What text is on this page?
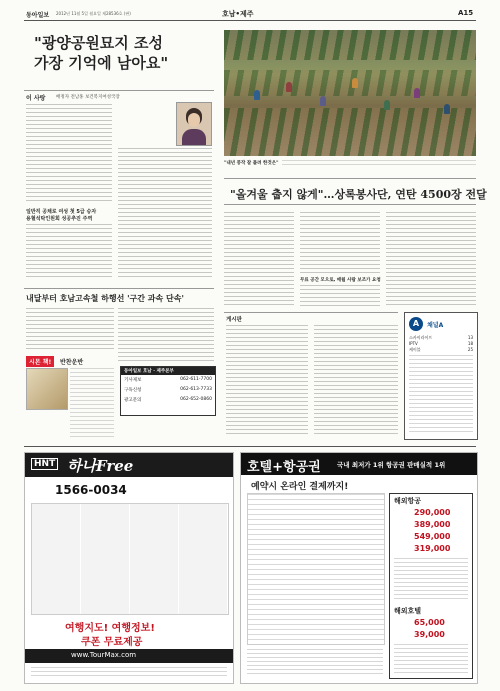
동아일보 2012년 11월 5일 월요일 제28536호 (판)	호남•제주	A15
"광양공원묘지 조성
가장 기억에 남아요"
이 사랑 배정자 전남홍 보건복지여성국장
일반직 공채로 여성 첫 5급 승자
용혈석탁인원회 성공추진 주역
"내년 풍작 잘 틀려 한것은"
"올겨울 춥지 않게"…상록봉사단, 연탄 4500장 전달
무료 공간 모으로, 매월 사람 보조가 요청
내달부터 호남고속철 하행선 '구간 과속 단속'
시몬 책!	반찬운반
동아일보 호남 · 제주본부
기사제보	062-611-7700
구독신청	062-613-7733
광고문의	062-652-0860
게시판	A	채널A
스카이라이프	13
IPTV	18
케이블	25
HNT 하나Free
1566-0034
여행지도! 여행정보!
쿠폰 무료제공
www.TourMax.com
호텔+항공권	국내 최저가 1위 항공권 판매실적 1위
예약시 온라인 결제까지!
해외항공
290,000
389,000
549,000
319,000
해외호텔
65,000
39,000
